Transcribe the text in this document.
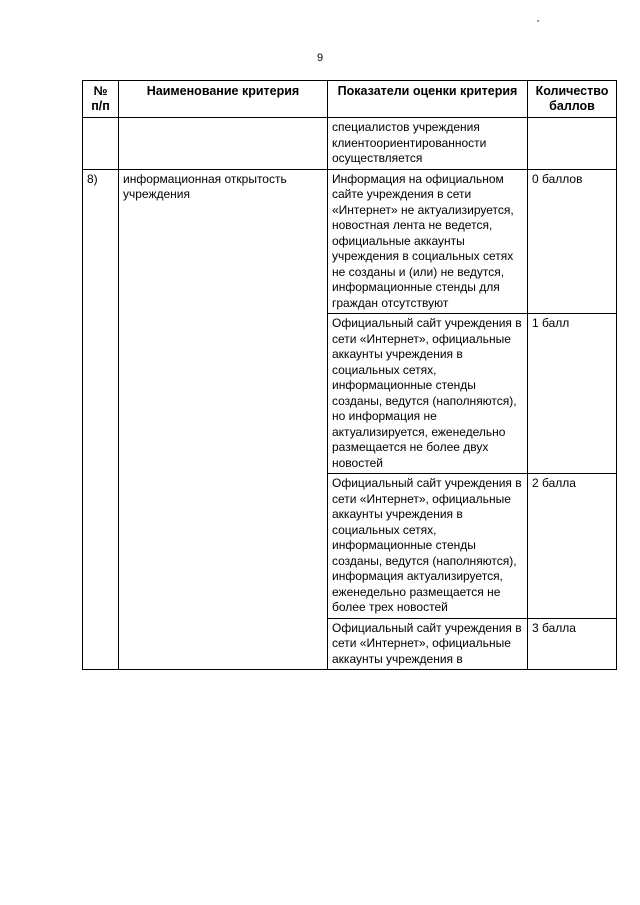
9
№ п/п	Наименование критерия	Показатели оценки критерия	Количество баллов
		специалистов учреждения клиентоориентированности осуществляется	
8)	информационная открытость учреждения	Информация на официальном сайте учреждения в сети «Интернет» не актуализируется, новостная лента не ведется, официальные аккаунты учреждения в социальных сетях не созданы и (или) не ведутся, информационные стенды для граждан отсутствуют	0 баллов
		Официальный сайт учреждения в сети «Интернет», официальные аккаунты учреждения в социальных сетях, информационные стенды созданы, ведутся (наполняются), но информация не актуализируется, еженедельно размещается не более двух новостей	1 балл
		Официальный сайт учреждения в сети «Интернет», официальные аккаунты учреждения в социальных сетях, информационные стенды созданы, ведутся (наполняются), информация актуализируется, еженедельно размещается не более трех новостей	2 балла
		Официальный сайт учреждения в сети «Интернет», официальные аккаунты учреждения в	3 балла
